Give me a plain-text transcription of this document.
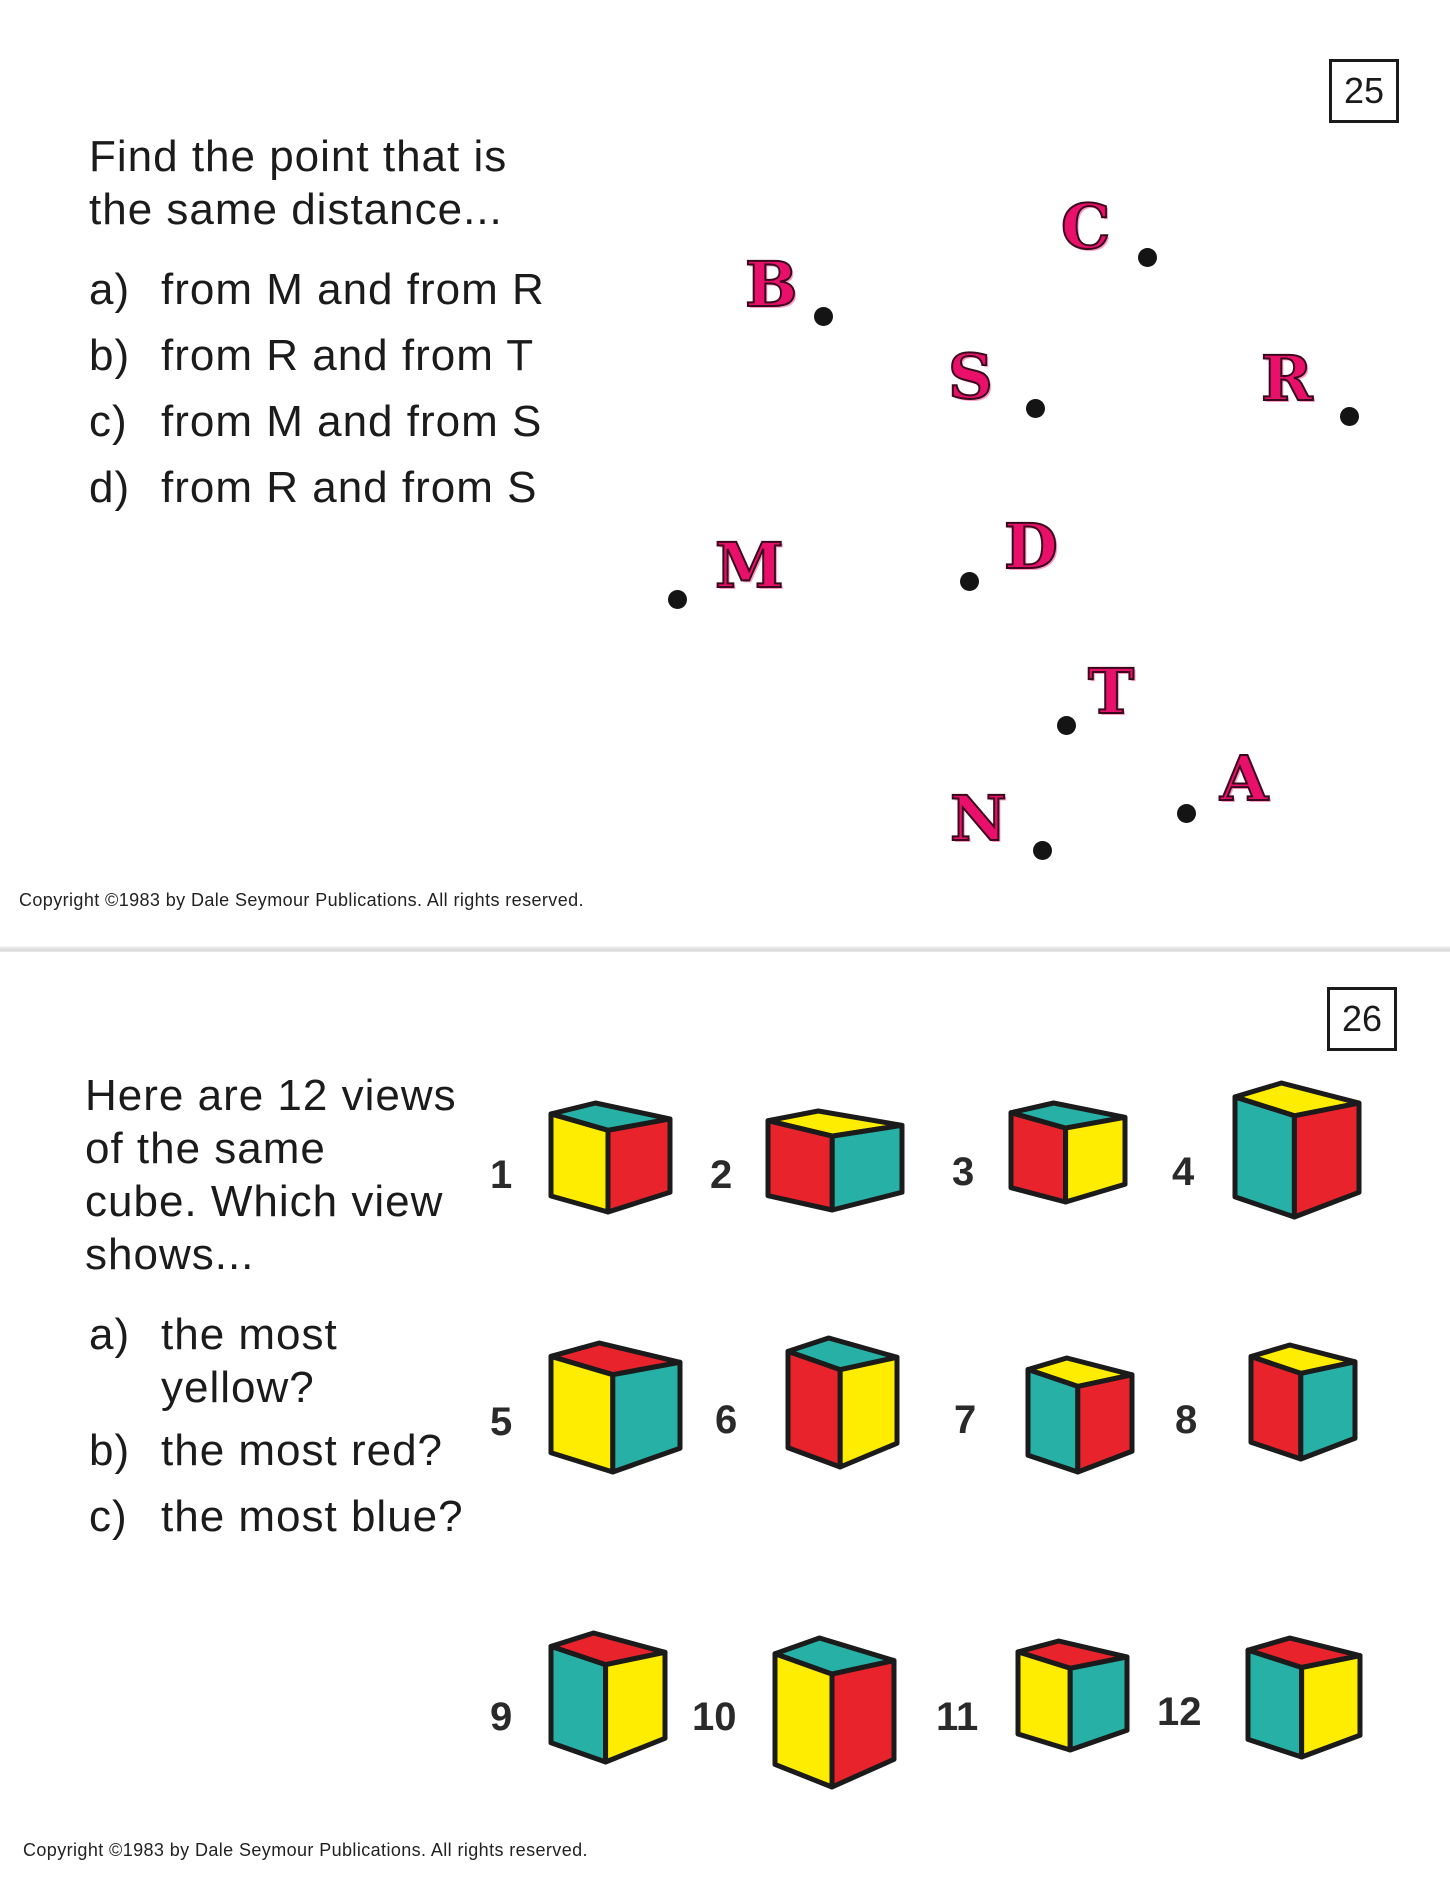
25
Find the point that is
the same distance...
a) from M and from R
b) from R and from T
c) from M and from S
d) from R and from S
B
C
S	R
M	D
T
N
A
Copyright ©1983 by Dale Seymour Publications. All rights reserved.
26
Here are 12 views
of the same
cube. Which view
shows...
a) the most
yellow?
b) the most red?
c) the most blue?
1	2	3	4
5	6	7	8
9	10	11	12
Copyright ©1983 by Dale Seymour Publications. All rights reserved.
